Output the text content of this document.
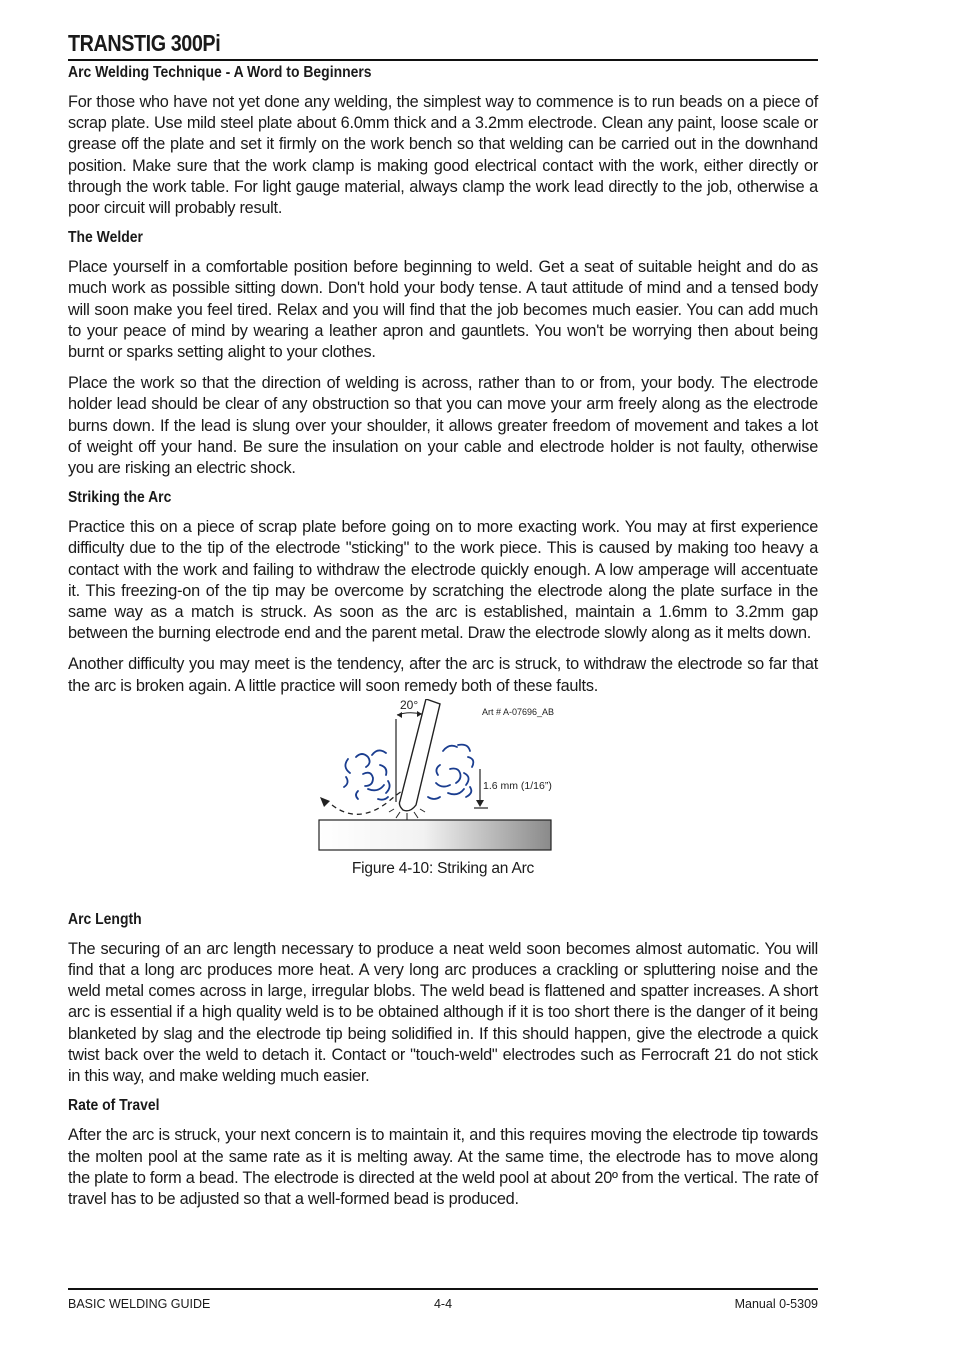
TRANSTIG 300Pi
Arc Welding Technique - A Word to Beginners

For those who have not yet done any welding, the simplest way to commence is to run beads on a piece of scrap plate. Use mild steel plate about 6.0mm thick and a 3.2mm electrode. Clean any paint, loose scale or grease off the plate and set it firmly on the work bench so that welding can be carried out in the downhand position. Make sure that the work clamp is making good electrical contact with the work, either directly or through the work table. For light gauge material, always clamp the work lead directly to the job, otherwise a poor circuit will probably result.

The Welder

Place yourself in a comfortable position before beginning to weld. Get a seat of suitable height and do as much work as possible sitting down. Don't hold your body tense. A taut attitude of mind and a tensed body will soon make you feel tired. Relax and you will find that the job becomes much easier. You can add much to your peace of mind by wearing a leather apron and gauntlets. You won't be worrying then about being burnt or sparks setting alight to your clothes.

Place the work so that the direction of welding is across, rather than to or from, your body. The electrode holder lead should be clear of any obstruction so that you can move your arm freely along as the electrode burns down. If the lead is slung over your shoulder, it allows greater freedom of movement and takes a lot of weight off your hand. Be sure the insulation on your cable and electrode holder is not faulty, otherwise you are risking an electric shock.

Striking the Arc

Practice this on a piece of scrap plate before going on to more exacting work. You may at first experience difficulty due to the tip of the electrode "sticking" to the work piece. This is caused by making too heavy a contact with the work and failing to withdraw the electrode quickly enough. A low amperage will accentuate it. This freezing-on of the tip may be overcome by scratching the electrode along the plate surface in the same way as a match is struck. As soon as the arc is established, maintain a 1.6mm to 3.2mm gap between the burning electrode end and the parent metal. Draw the electrode slowly along as it melts down.

Another difficulty you may meet is the tendency, after the arc is struck, to withdraw the electrode so far that the arc is broken again. A little practice will soon remedy both of these faults.

20°	Art # A-07696_AB
1.6 mm (1/16”)
Figure 4-10: Striking an Arc
Arc Length

The securing of an arc length necessary to produce a neat weld soon becomes almost automatic. You will find that a long arc produces more heat. A very long arc produces a crackling or spluttering noise and the weld metal comes across in large, irregular blobs. The weld bead is flattened and spatter increases. A short arc is essential if a high quality weld is to be obtained although if it is too short there is the danger of it being blanketed by slag and the electrode tip being solidified in. If this should happen, give the electrode a quick twist back over the weld to detach it. Contact or "touch-weld" electrodes such as Ferrocraft 21 do not stick in this way, and make welding much easier.

Rate of Travel

After the arc is struck, your next concern is to maintain it, and this requires moving the electrode tip towards the molten pool at the same rate as it is melting away. At the same time, the electrode has to move along the plate to form a bead. The electrode is directed at the weld pool at about 20º from the vertical. The rate of travel has to be adjusted so that a well-formed bead is produced.

BASIC WELDING GUIDE	4-4	Manual 0-5309
